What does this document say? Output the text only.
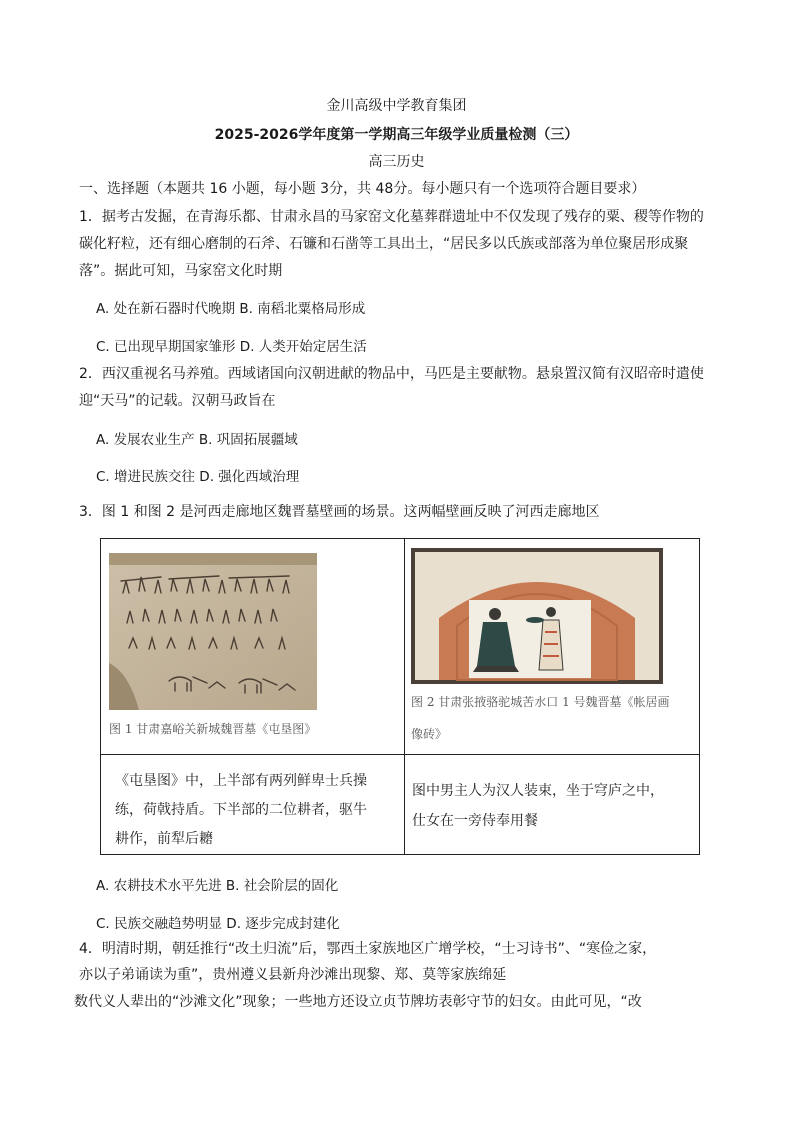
金川高级中学教育集团
2025-2026学年度第一学期高三年级学业质量检测（三）
高三历史
一、选择题（本题共 16 小题，每小题 3分，共 48分。每小题只有一个选项符合题目要求）
1．据考古发掘，在青海乐都、甘肃永昌的马家窑文化墓葬群遗址中不仅发现了残存的粟、稷等作物的
碳化籽粒，还有细心磨制的石斧、石镰和石凿等工具出土，“居民多以氏族或部落为单位聚居形成聚
落”。据此可知，马家窑文化时期
A. 处在新石器时代晚期 B. 南稻北粟格局形成
C. 已出现早期国家雏形 D. 人类开始定居生活
2．西汉重视名马养殖。西域诸国向汉朝进献的物品中，马匹是主要献物。悬泉置汉简有汉昭帝时遣使
迎“天马”的记载。汉朝马政旨在
A. 发展农业生产 B. 巩固拓展疆域
C. 增进民族交往 D. 强化西域治理
3．图 1 和图 2 是河西走廊地区魏晋墓壁画的场景。这两幅壁画反映了河西走廊地区
图 1 甘肃嘉峪关新城魏晋墓《屯垦图》
图 2 甘肃张掖骆驼城苦水口 1 号魏晋墓《帐居画
像砖》
《屯垦图》中，上半部有两列鲜卑士兵操
练，荷戟持盾。下半部的二位耕者，驱牛
耕作，前犁后耱
图中男主人为汉人装束，坐于穹庐之中，
仕女在一旁侍奉用餐
A. 农耕技术水平先进 B. 社会阶层的固化
C. 民族交融趋势明显 D. 逐步完成封建化
4．明清时期，朝廷推行“改土归流”后，鄂西土家族地区广增学校，“士习诗书”、“寒俭之家，
亦以子弟诵读为重”，贵州遵义县新舟沙滩出现黎、郑、莫等家族绵延
数代义人辈出的“沙滩文化”现象；一些地方还设立贞节牌坊表彰守节的妇女。由此可见，“改
